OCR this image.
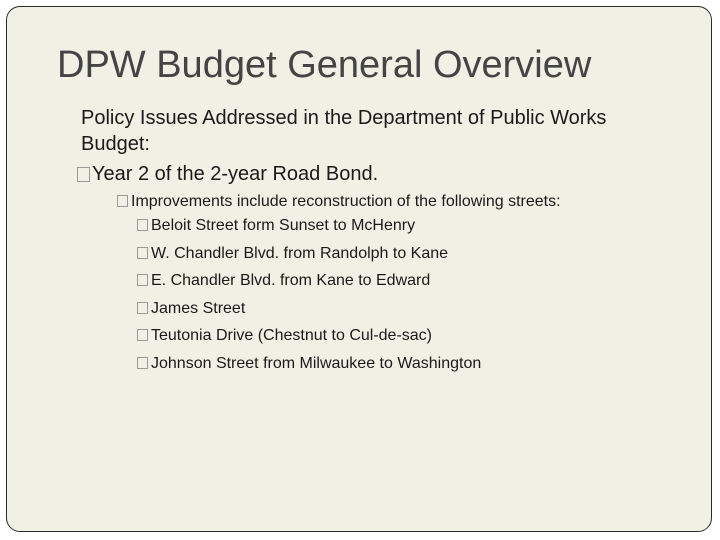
DPW Budget General Overview
Policy Issues Addressed in the Department of Public Works Budget:
Year 2 of the 2-year Road Bond.
Improvements include reconstruction of the following streets:
Beloit Street form Sunset to McHenry
W. Chandler Blvd. from Randolph to Kane
E. Chandler Blvd. from Kane to Edward
James Street
Teutonia Drive (Chestnut to Cul-de-sac)
Johnson Street from Milwaukee to Washington
